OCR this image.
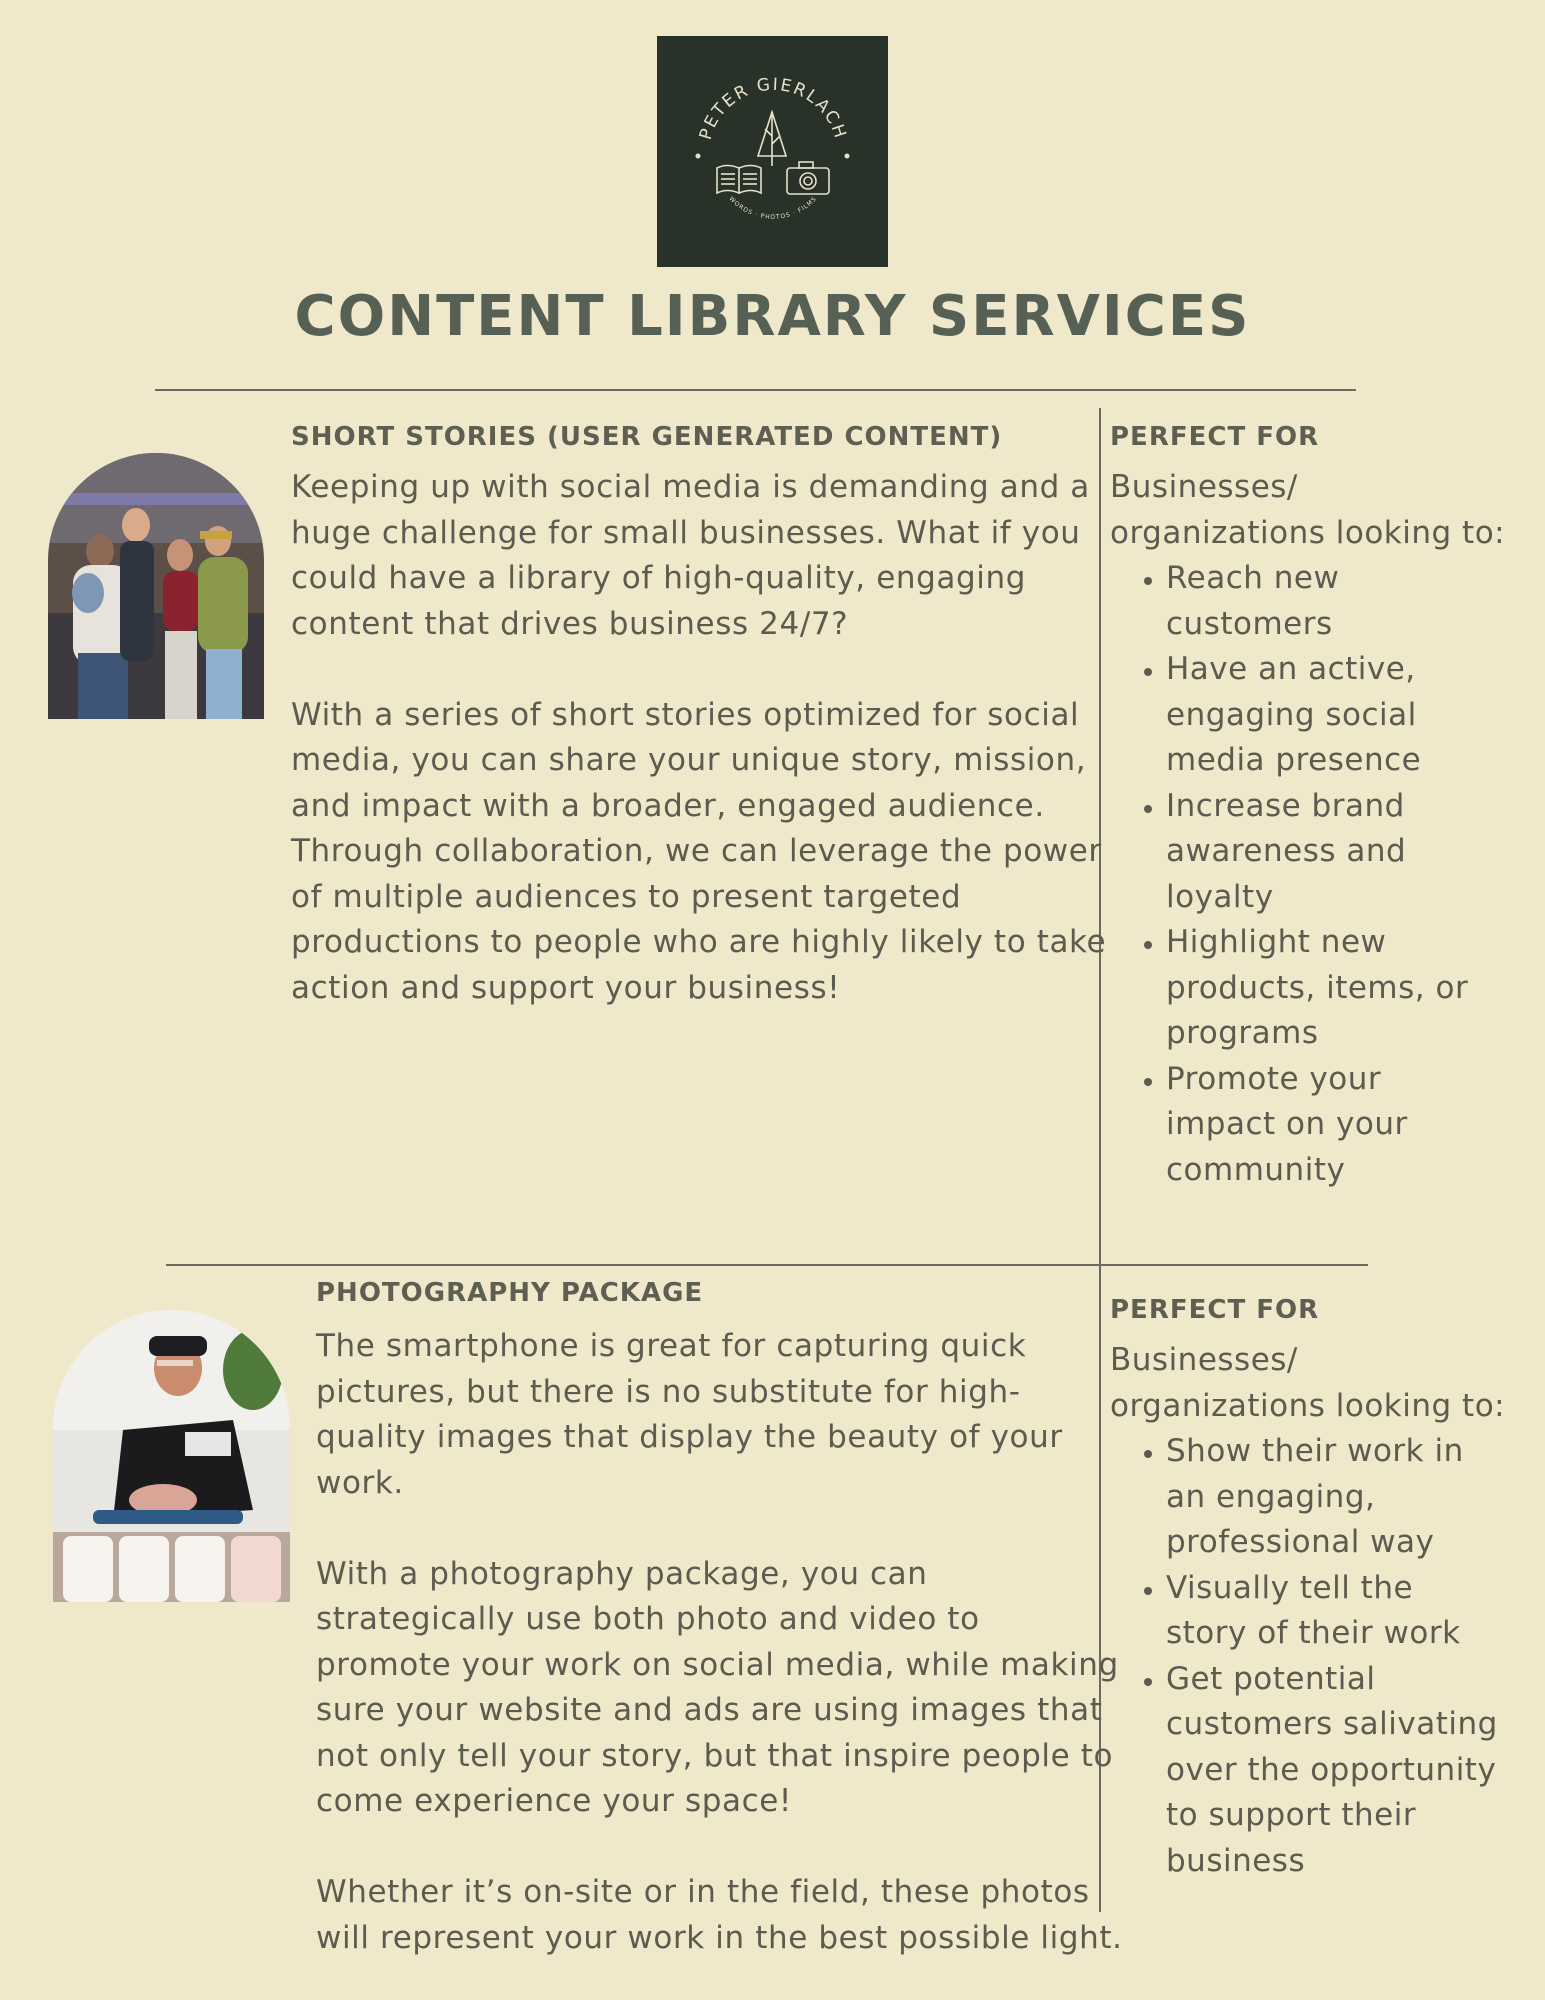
PETER GIERLACH
WORDS · PHOTOS · FILMS
CONTENT LIBRARY SERVICES
SHORT STORIES (USER GENERATED CONTENT)
Keeping up with social media is demanding and a
huge challenge for small businesses. What if you
could have a library of high-quality, engaging
content that drives business 24/7?
With a series of short stories optimized for social
media, you can share your unique story, mission,
and impact with a broader, engaged audience.
Through collaboration, we can leverage the power
of multiple audiences to present targeted
productions to people who are highly likely to take
action and support your business!
PERFECT FOR
Businesses/
organizations looking to:
• Reach new
customers
• Have an active,
engaging social
media presence
• Increase brand
awareness and
loyalty
• Highlight new
products, items, or
programs
• Promote your
impact on your
community
PHOTOGRAPHY PACKAGE
The smartphone is great for capturing quick
pictures, but there is no substitute for high-
quality images that display the beauty of your
work.
With a photography package, you can
strategically use both photo and video to
promote your work on social media, while making
sure your website and ads are using images that
not only tell your story, but that inspire people to
come experience your space!
Whether it’s on-site or in the field, these photos
will represent your work in the best possible light.
PERFECT FOR
Businesses/
organizations looking to:
• Show their work in
an engaging,
professional way
• Visually tell the
story of their work
• Get potential
customers salivating
over the opportunity
to support their
business
